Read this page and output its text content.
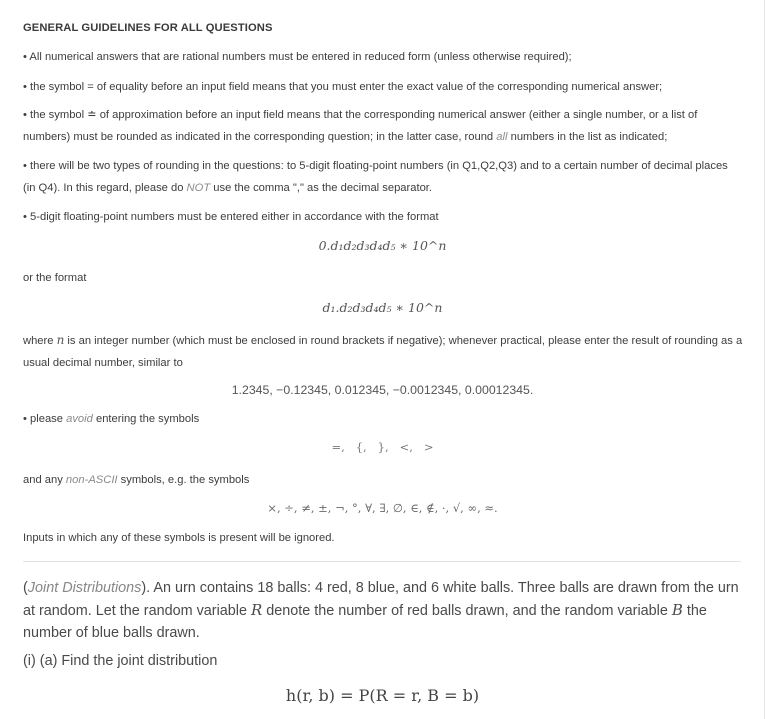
GENERAL GUIDELINES FOR ALL QUESTIONS
• All numerical answers that are rational numbers must be entered in reduced form (unless otherwise required);
• the symbol = of equality before an input field means that you must enter the exact value of the corresponding numerical answer;
• the symbol ≐ of approximation before an input field means that the corresponding numerical answer (either a single number, or a list of numbers) must be rounded as indicated in the corresponding question; in the latter case, round all numbers in the list as indicated;
• there will be two types of rounding in the questions: to 5-digit floating-point numbers (in Q1,Q2,Q3) and to a certain number of decimal places (in Q4). In this regard, please do NOT use the comma "," as the decimal separator.
• 5-digit floating-point numbers must be entered either in accordance with the format
0.d₁d₂d₃d₄d₅ ∗ 10^n
or the format
d₁.d₂d₃d₄d₅ ∗ 10^n
where n is an integer number (which must be enclosed in round brackets if negative); whenever practical, please enter the result of rounding as a usual decimal number, similar to
1.2345, −0.12345, 0.012345, −0.0012345, 0.00012345.
• please avoid entering the symbols
=,   {,   },   <,   >
and any non-ASCII symbols, e.g. the symbols
×, ÷, ≠, ±, ¬, °, ∀, ∃, ∅, ∈, ∉, ·, √, ∞, ≈.
Inputs in which any of these symbols is present will be ignored.
(Joint Distributions). An urn contains 18 balls: 4 red, 8 blue, and 6 white balls. Three balls are drawn from the urn at random. Let the random variable R denote the number of red balls drawn, and the random variable B the number of blue balls drawn.
(i) (a) Find the joint distribution
h(r, b) = P(R = r, B = b)
